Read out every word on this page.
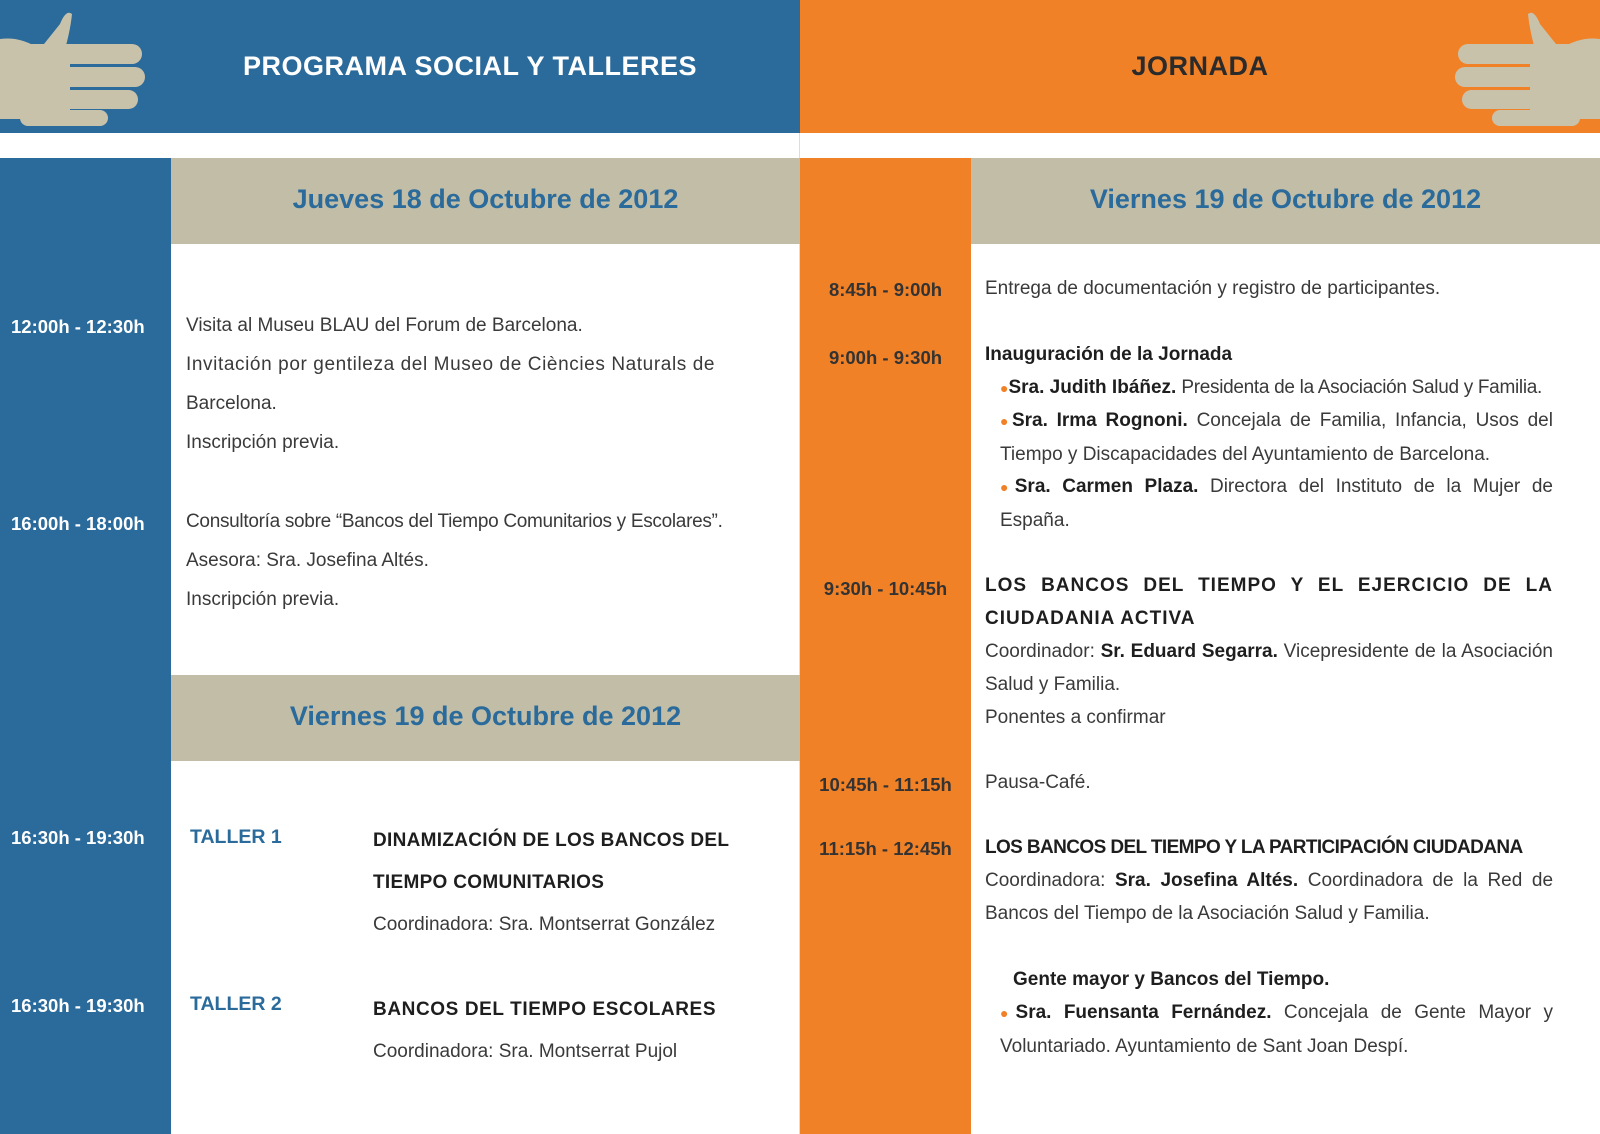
PROGRAMA SOCIAL Y TALLERES	JORNADA
Jueves 18 de Octubre de 2012
Viernes 19 de Octubre de 2012
Viernes 19 de Octubre de 2012
12:00h - 12:30h Visita al Museu BLAU del Forum de Barcelona.
Invitación por gentileza del Museo de Ciències Naturals de
Barcelona.
Inscripción previa.
16:00h - 18:00h Consultoría sobre “Bancos del Tiempo Comunitarios y Escolares”.
Asesora: Sra. Josefina Altés.
Inscripción previa.
16:30h - 19:30h TALLER 1	DINAMIZACIÓN DE LOS BANCOS DEL
TIEMPO COMUNITARIOS
Coordinadora: Sra. Montserrat González
16:30h - 19:30h TALLER 2	BANCOS DEL TIEMPO ESCOLARES
Coordinadora: Sra. Montserrat Pujol
8:45h - 9:00h	Entrega de documentación y registro de participantes.
9:00h - 9:30h	Inauguración de la Jornada
●Sra. Judith Ibáñez. Presidenta de la Asociación Salud y Familia.
●Sra. Irma Rognoni. Concejala de Familia, Infancia, Usos del Tiempo y Discapacidades del Ayuntamiento de Barcelona.
●Sra. Carmen Plaza. Directora del Instituto de la Mujer de España.
9:30h - 10:45h	LOS BANCOS DEL TIEMPO Y EL EJERCICIO DE LA CIUDADANIA ACTIVA
Coordinador: Sr. Eduard Segarra. Vicepresidente de la Asociación Salud y Familia.
Ponentes a confirmar
10:45h - 11:15h	Pausa-Café.
11:15h - 12:45h	LOS BANCOS DEL TIEMPO Y LA PARTICIPACIÓN CIUDADANA
Coordinadora: Sra. Josefina Altés. Coordinadora de la Red de Bancos del Tiempo de la Asociación Salud y Familia.
Gente mayor y Bancos del Tiempo.
●Sra. Fuensanta Fernández. Concejala de Gente Mayor y Voluntariado. Ayuntamiento de Sant Joan Despí.
